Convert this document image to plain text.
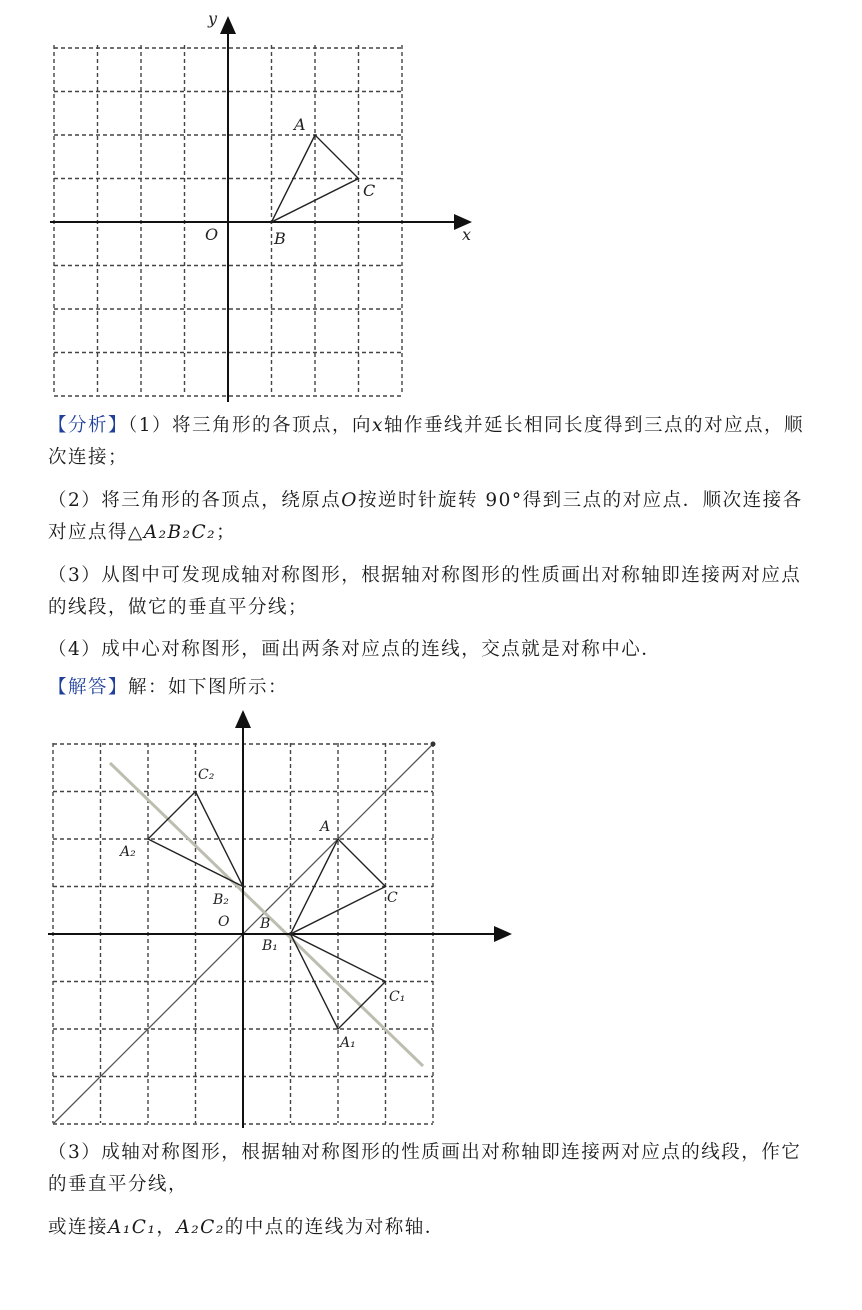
y
x
O
A
B
C
【分析】（1）将三角形的各顶点，向x轴作垂线并延长相同长度得到三点的对应点，顺次连接；
（2）将三角形的各顶点，绕原点O按逆时针旋转 90°得到三点的对应点．顺次连接各对应点得△A₂B₂C₂；
（3）从图中可发现成轴对称图形，根据轴对称图形的性质画出对称轴即连接两对应点的线段，做它的垂直平分线；
（4）成中心对称图形，画出两条对应点的连线，交点就是对称中心．
【解答】解：如下图所示：
C₂
A₂
B₂
O B
B₁
A
C
C₁
A₁
（3）成轴对称图形，根据轴对称图形的性质画出对称轴即连接两对应点的线段，作它的垂直平分线，
或连接A₁C₁，A₂C₂的中点的连线为对称轴．
